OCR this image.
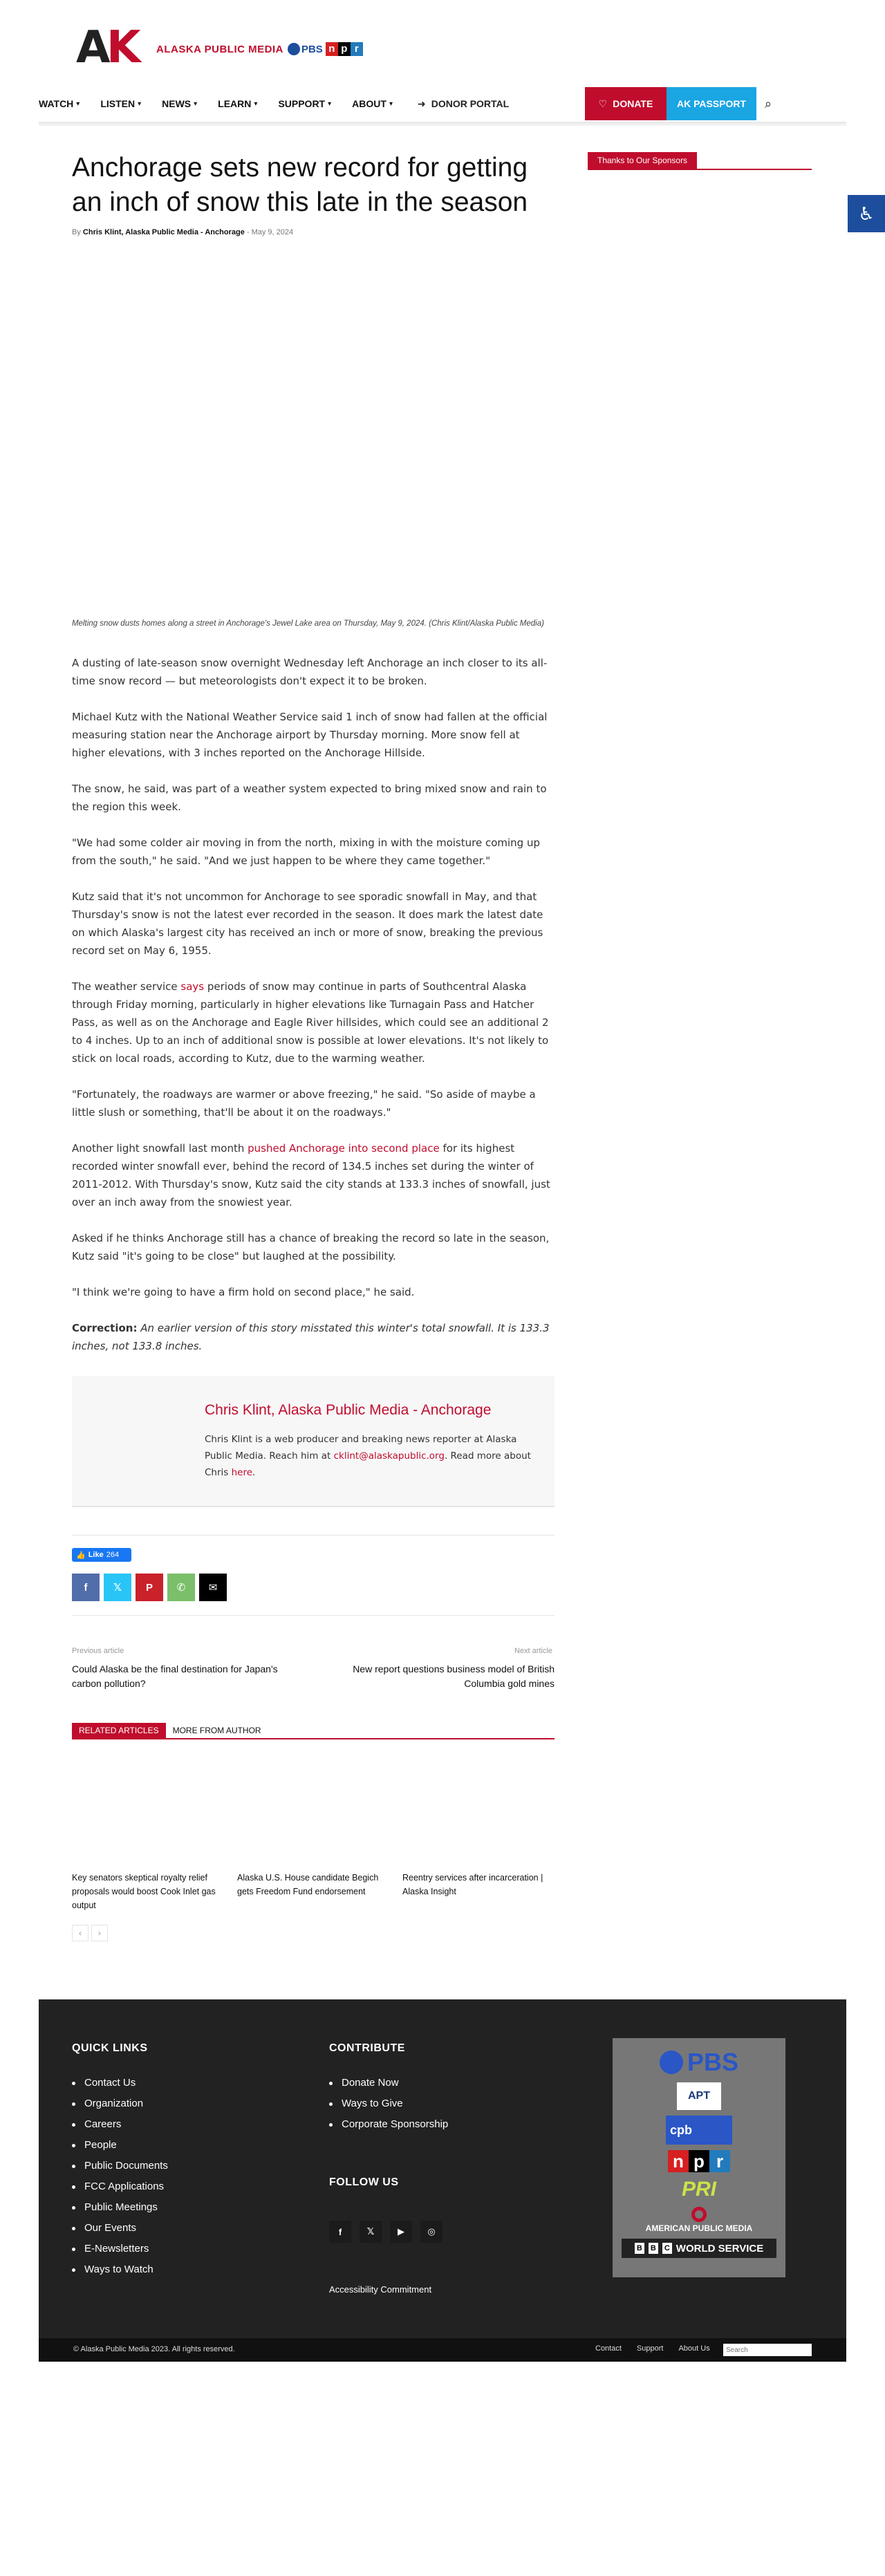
A K ALASKA PUBLIC MEDIA PBS n p r
WATCH ▾ LISTEN ▾ NEWS ▾ LEARN ▾ SUPPORT ▾ ABOUT ▾	➜ DONOR PORTAL	♡ DONATE	AK PASSPORT	⌕
♿
Anchorage sets new record for getting an inch of snow this late in the season
By Chris Klint, Alaska Public Media - Anchorage - May 9, 2024
Melting snow dusts homes along a street in Anchorage's Jewel Lake area on Thursday, May 9, 2024. (Chris Klint/Alaska Public Media)

A dusting of late-season snow overnight Wednesday left Anchorage an inch closer to its all-time snow record — but meteorologists don't expect it to be broken.

Michael Kutz with the National Weather Service said 1 inch of snow had fallen at the official measuring station near the Anchorage airport by Thursday morning. More snow fell at higher elevations, with 3 inches reported on the Anchorage Hillside.

The snow, he said, was part of a weather system expected to bring mixed snow and rain to the region this week.

"We had some colder air moving in from the north, mixing in with the moisture coming up from the south," he said. "And we just happen to be where they came together."

Kutz said that it's not uncommon for Anchorage to see sporadic snowfall in May, and that Thursday's snow is not the latest ever recorded in the season. It does mark the latest date on which Alaska's largest city has received an inch or more of snow, breaking the previous record set on May 6, 1955.

The weather service says periods of snow may continue in parts of Southcentral Alaska through Friday morning, particularly in higher elevations like Turnagain Pass and Hatcher Pass, as well as on the Anchorage and Eagle River hillsides, which could see an additional 2 to 4 inches. Up to an inch of additional snow is possible at lower elevations. It's not likely to stick on local roads, according to Kutz, due to the warming weather.

"Fortunately, the roadways are warmer or above freezing," he said. "So aside of maybe a little slush or something, that'll be about it on the roadways."

Another light snowfall last month pushed Anchorage into second place for its highest recorded winter snowfall ever, behind the record of 134.5 inches set during the winter of 2011-2012. With Thursday's snow, Kutz said the city stands at 133.3 inches of snowfall, just over an inch away from the snowiest year.

Asked if he thinks Anchorage still has a chance of breaking the record so late in the season, Kutz said "it's going to be close" but laughed at the possibility.

"I think we're going to have a firm hold on second place," he said.

Correction: An earlier version of this story misstated this winter's total snowfall. It is 133.3 inches, not 133.8 inches.

Chris Klint, Alaska Public Media - Anchorage
Chris Klint is a web producer and breaking news reporter at Alaska Public Media. Reach him at cklint@alaskapublic.org. Read more about Chris here.
👍 Like 264
f 𝕏 P ✆ ✉
Previous article
Could Alaska be the final destination for Japan's carbon pollution?
Next article
New report questions business model of British Columbia gold mines
RELATED ARTICLES	MORE FROM AUTHOR
Key senators skeptical royalty relief proposals would boost Cook Inlet gas output
Alaska U.S. House candidate Begich gets Freedom Fund endorsement
Reentry services after incarceration | Alaska Insight
‹	›
Thanks to Our Sponsors
QUICK LINKS
Contact Us
Organization
Careers
People
Public Documents
FCC Applications
Public Meetings
Our Events
E-Newsletters
Ways to Watch
CONTRIBUTE
Donate Now
Ways to Give
Corporate Sponsorship
FOLLOW US
f	𝕏	▶	◎
Accessibility Commitment
PBS
APT
cpb
n p r
PRI
AMERICAN PUBLIC MEDIA
B B C WORLD SERVICE
© Alaska Public Media 2023. All rights reserved.	Contact Support About Us
Search
